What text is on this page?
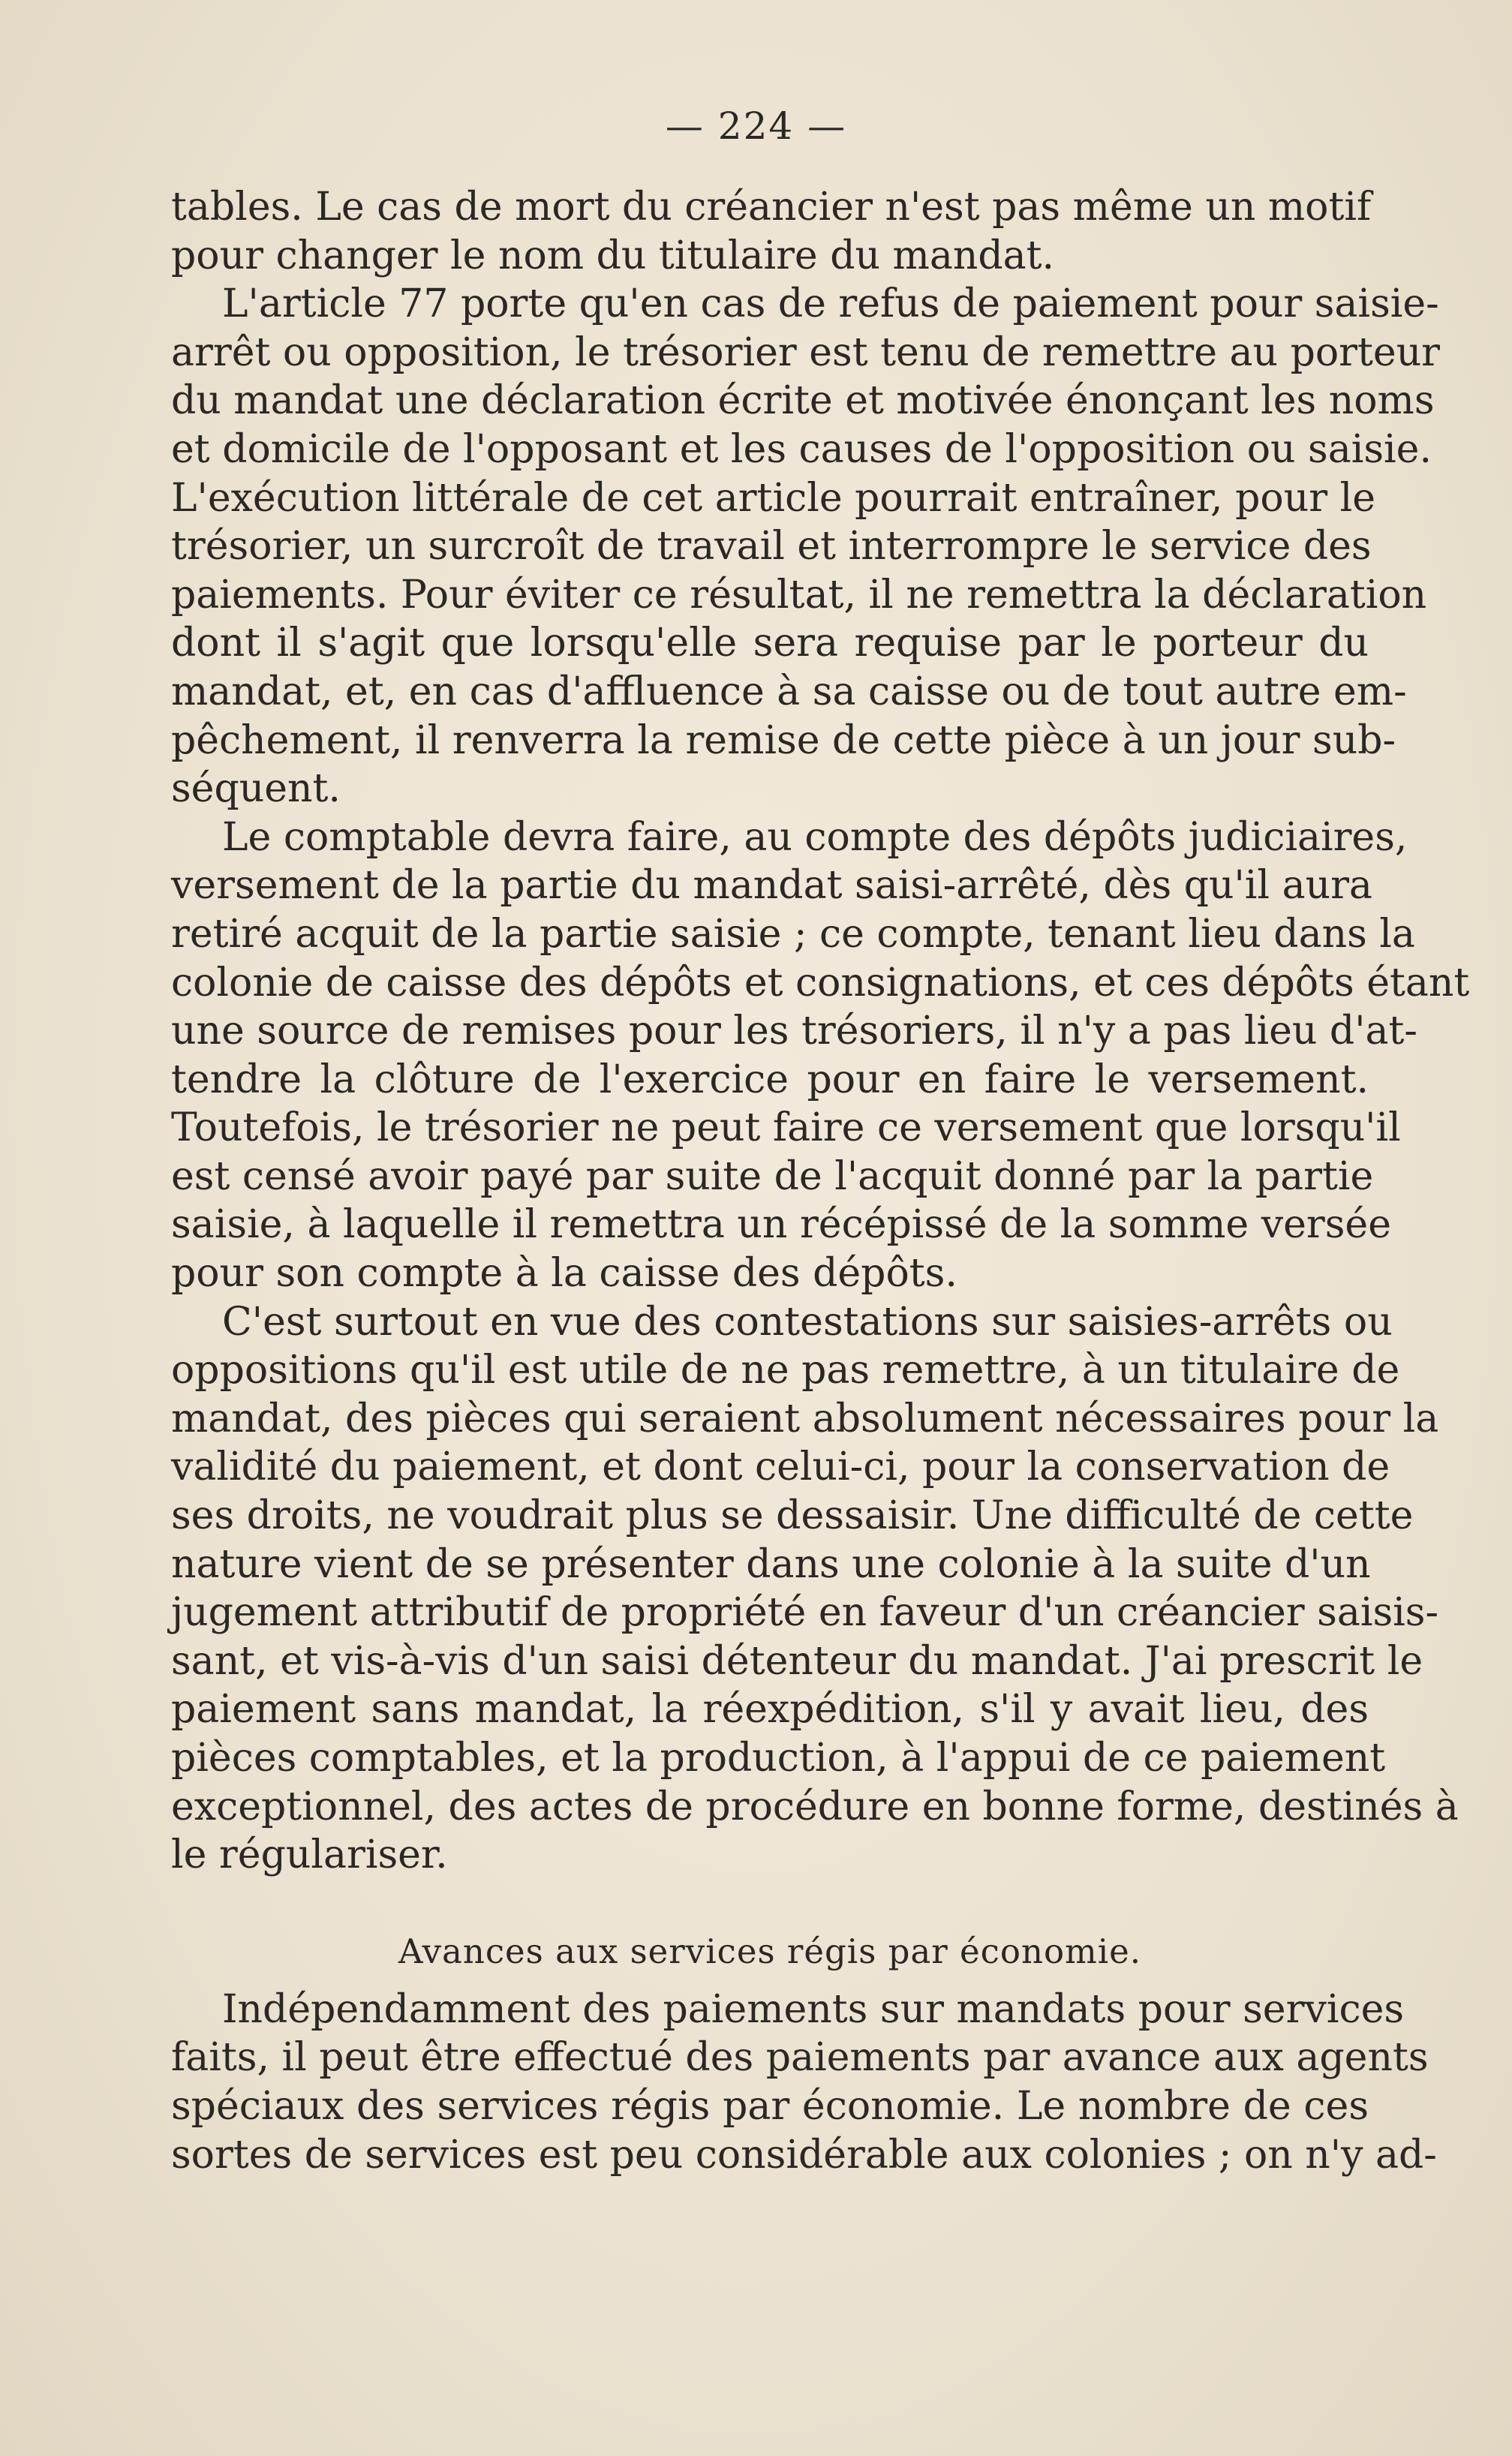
— 224 —

tables. Le cas de mort du créancier n'est pas même un motif
pour changer le nom du titulaire du mandat.

L'article 77 porte qu'en cas de refus de paiement pour saisie-
arrêt ou opposition, le trésorier est tenu de remettre au porteur
du mandat une déclaration écrite et motivée énonçant les noms
et domicile de l'opposant et les causes de l'opposition ou saisie.
L'exécution littérale de cet article pourrait entraîner, pour le
trésorier, un surcroît de travail et interrompre le service des
paiements. Pour éviter ce résultat, il ne remettra la déclaration
dont il s'agit que lorsqu'elle sera requise par le porteur du
mandat, et, en cas d'affluence à sa caisse ou de tout autre em-
pêchement, il renverra la remise de cette pièce à un jour sub-
séquent.

Le comptable devra faire, au compte des dépôts judiciaires,
versement de la partie du mandat saisi-arrêté, dès qu'il aura
retiré acquit de la partie saisie ; ce compte, tenant lieu dans la
colonie de caisse des dépôts et consignations, et ces dépôts étant
une source de remises pour les trésoriers, il n'y a pas lieu d'at-
tendre la clôture de l'exercice pour en faire le versement.
Toutefois, le trésorier ne peut faire ce versement que lorsqu'il
est censé avoir payé par suite de l'acquit donné par la partie
saisie, à laquelle il remettra un récépissé de la somme versée
pour son compte à la caisse des dépôts.

C'est surtout en vue des contestations sur saisies-arrêts ou
oppositions qu'il est utile de ne pas remettre, à un titulaire de
mandat, des pièces qui seraient absolument nécessaires pour la
validité du paiement, et dont celui-ci, pour la conservation de
ses droits, ne voudrait plus se dessaisir. Une difficulté de cette
nature vient de se présenter dans une colonie à la suite d'un
jugement attributif de propriété en faveur d'un créancier saisis-
sant, et vis-à-vis d'un saisi détenteur du mandat. J'ai prescrit le
paiement sans mandat, la réexpédition, s'il y avait lieu, des
pièces comptables, et la production, à l'appui de ce paiement
exceptionnel, des actes de procédure en bonne forme, destinés à
le régulariser.

Avances aux services régis par économie.

Indépendamment des paiements sur mandats pour services
faits, il peut être effectué des paiements par avance aux agents
spéciaux des services régis par économie. Le nombre de ces
sortes de services est peu considérable aux colonies ; on n'y ad-
